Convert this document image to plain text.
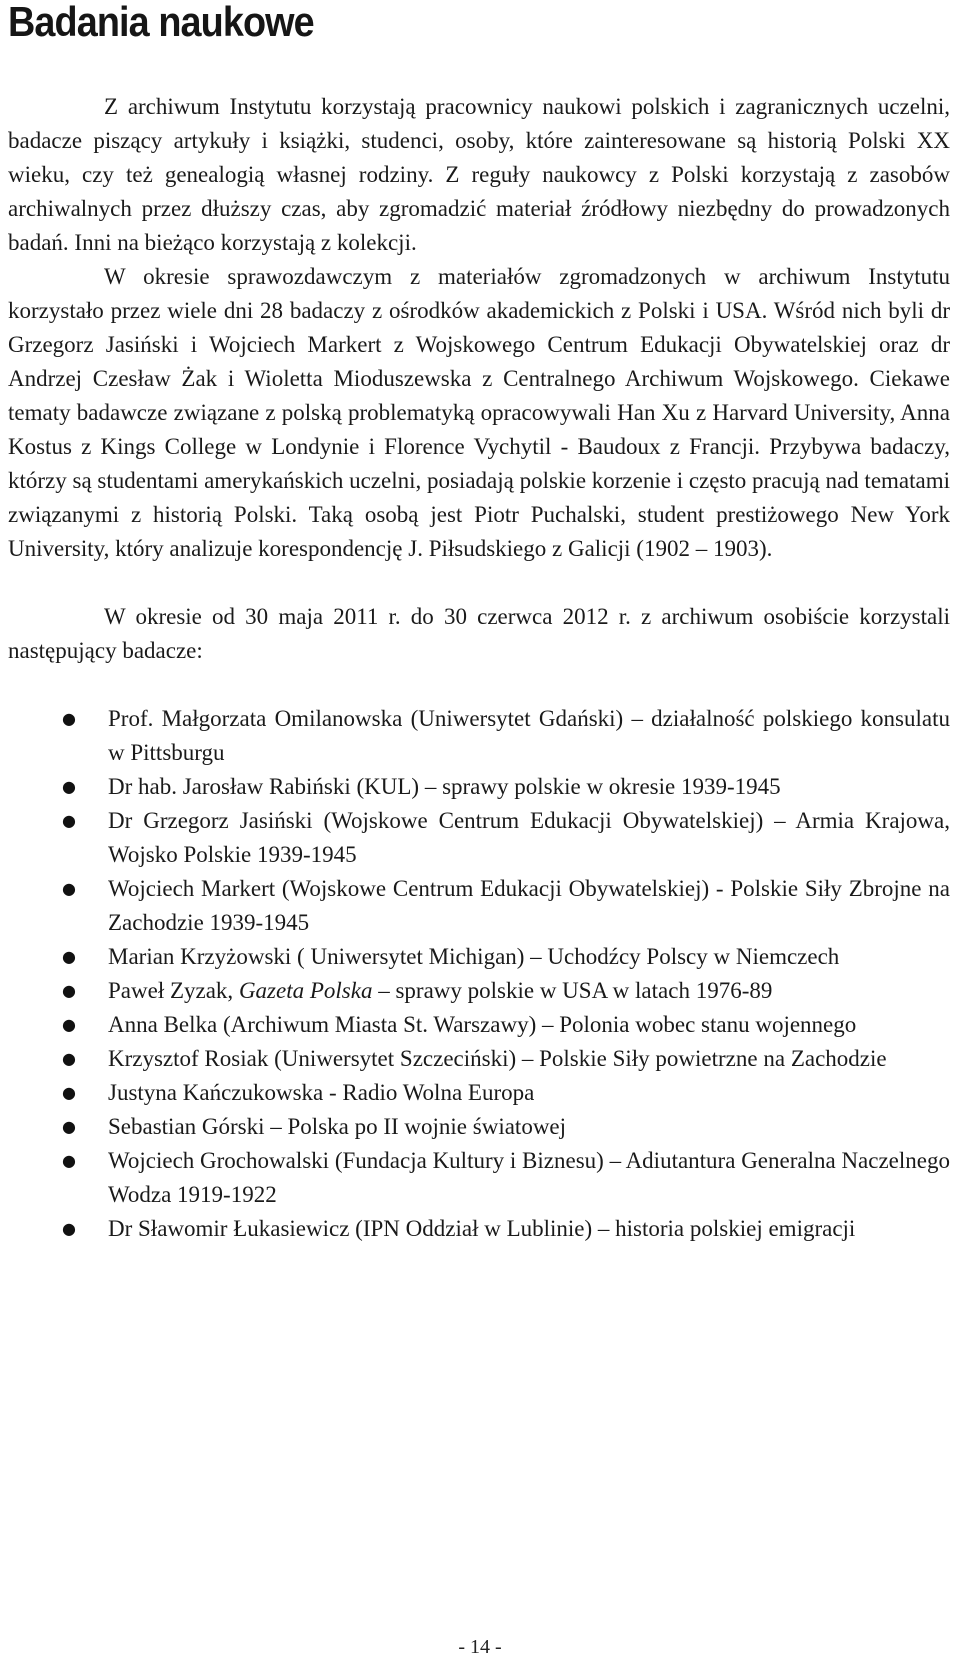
Badania naukowe

Z archiwum Instytutu korzystają pracownicy naukowi polskich i zagranicznych uczelni, badacze piszący artykuły i książki, studenci, osoby, które zainteresowane są historią Polski XX wieku, czy też genealogią własnej rodziny. Z reguły naukowcy z Polski korzystają z zasobów archiwalnych przez dłuższy czas, aby zgromadzić materiał źródłowy niezbędny do prowadzonych badań. Inni na bieżąco korzystają z kolekcji.

W okresie sprawozdawczym z materiałów zgromadzonych w archiwum Instytutu korzystało przez wiele dni 28 badaczy z ośrodków akademickich z Polski i USA. Wśród nich byli dr Grzegorz Jasiński i Wojciech Markert z Wojskowego Centrum Edukacji Obywatelskiej oraz dr Andrzej Czesław Żak i Wioletta Mioduszewska z Centralnego Archiwum Wojskowego. Ciekawe tematy badawcze związane z polską problematyką opracowywali Han Xu z Harvard University, Anna Kostus z Kings College w Londynie i Florence Vychytil - Baudoux z Francji. Przybywa badaczy, którzy są studentami amerykańskich uczelni, posiadają polskie korzenie i często pracują nad tematami związanymi z historią Polski. Taką osobą jest Piotr Puchalski, student prestiżowego New York University, który analizuje korespondencję J. Piłsudskiego z Galicji (1902 – 1903).

W okresie od 30 maja 2011 r. do 30 czerwca 2012 r. z archiwum osobiście korzystali następujący badacze:

● Prof. Małgorzata Omilanowska (Uniwersytet Gdański) – działalność polskiego konsulatu w Pittsburgu
● Dr hab. Jarosław Rabiński (KUL) – sprawy polskie w okresie 1939-1945
● Dr Grzegorz Jasiński (Wojskowe Centrum Edukacji Obywatelskiej) – Armia Krajowa, Wojsko Polskie 1939-1945
● Wojciech Markert (Wojskowe Centrum Edukacji Obywatelskiej) - Polskie Siły Zbrojne na Zachodzie 1939-1945
● Marian Krzyżowski ( Uniwersytet Michigan) – Uchodźcy Polscy w Niemczech
● Paweł Zyzak, Gazeta Polska – sprawy polskie w USA w latach 1976-89
● Anna Belka (Archiwum Miasta St. Warszawy) – Polonia wobec stanu wojennego
● Krzysztof Rosiak (Uniwersytet Szczeciński) – Polskie Siły powietrzne na Zachodzie
● Justyna Kańczukowska - Radio Wolna Europa
● Sebastian Górski – Polska po II wojnie światowej
● Wojciech Grochowalski (Fundacja Kultury i Biznesu) – Adiutantura Generalna Naczelnego Wodza 1919-1922
● Dr Sławomir Łukasiewicz (IPN Oddział w Lublinie) – historia polskiej emigracji
- 14 -
